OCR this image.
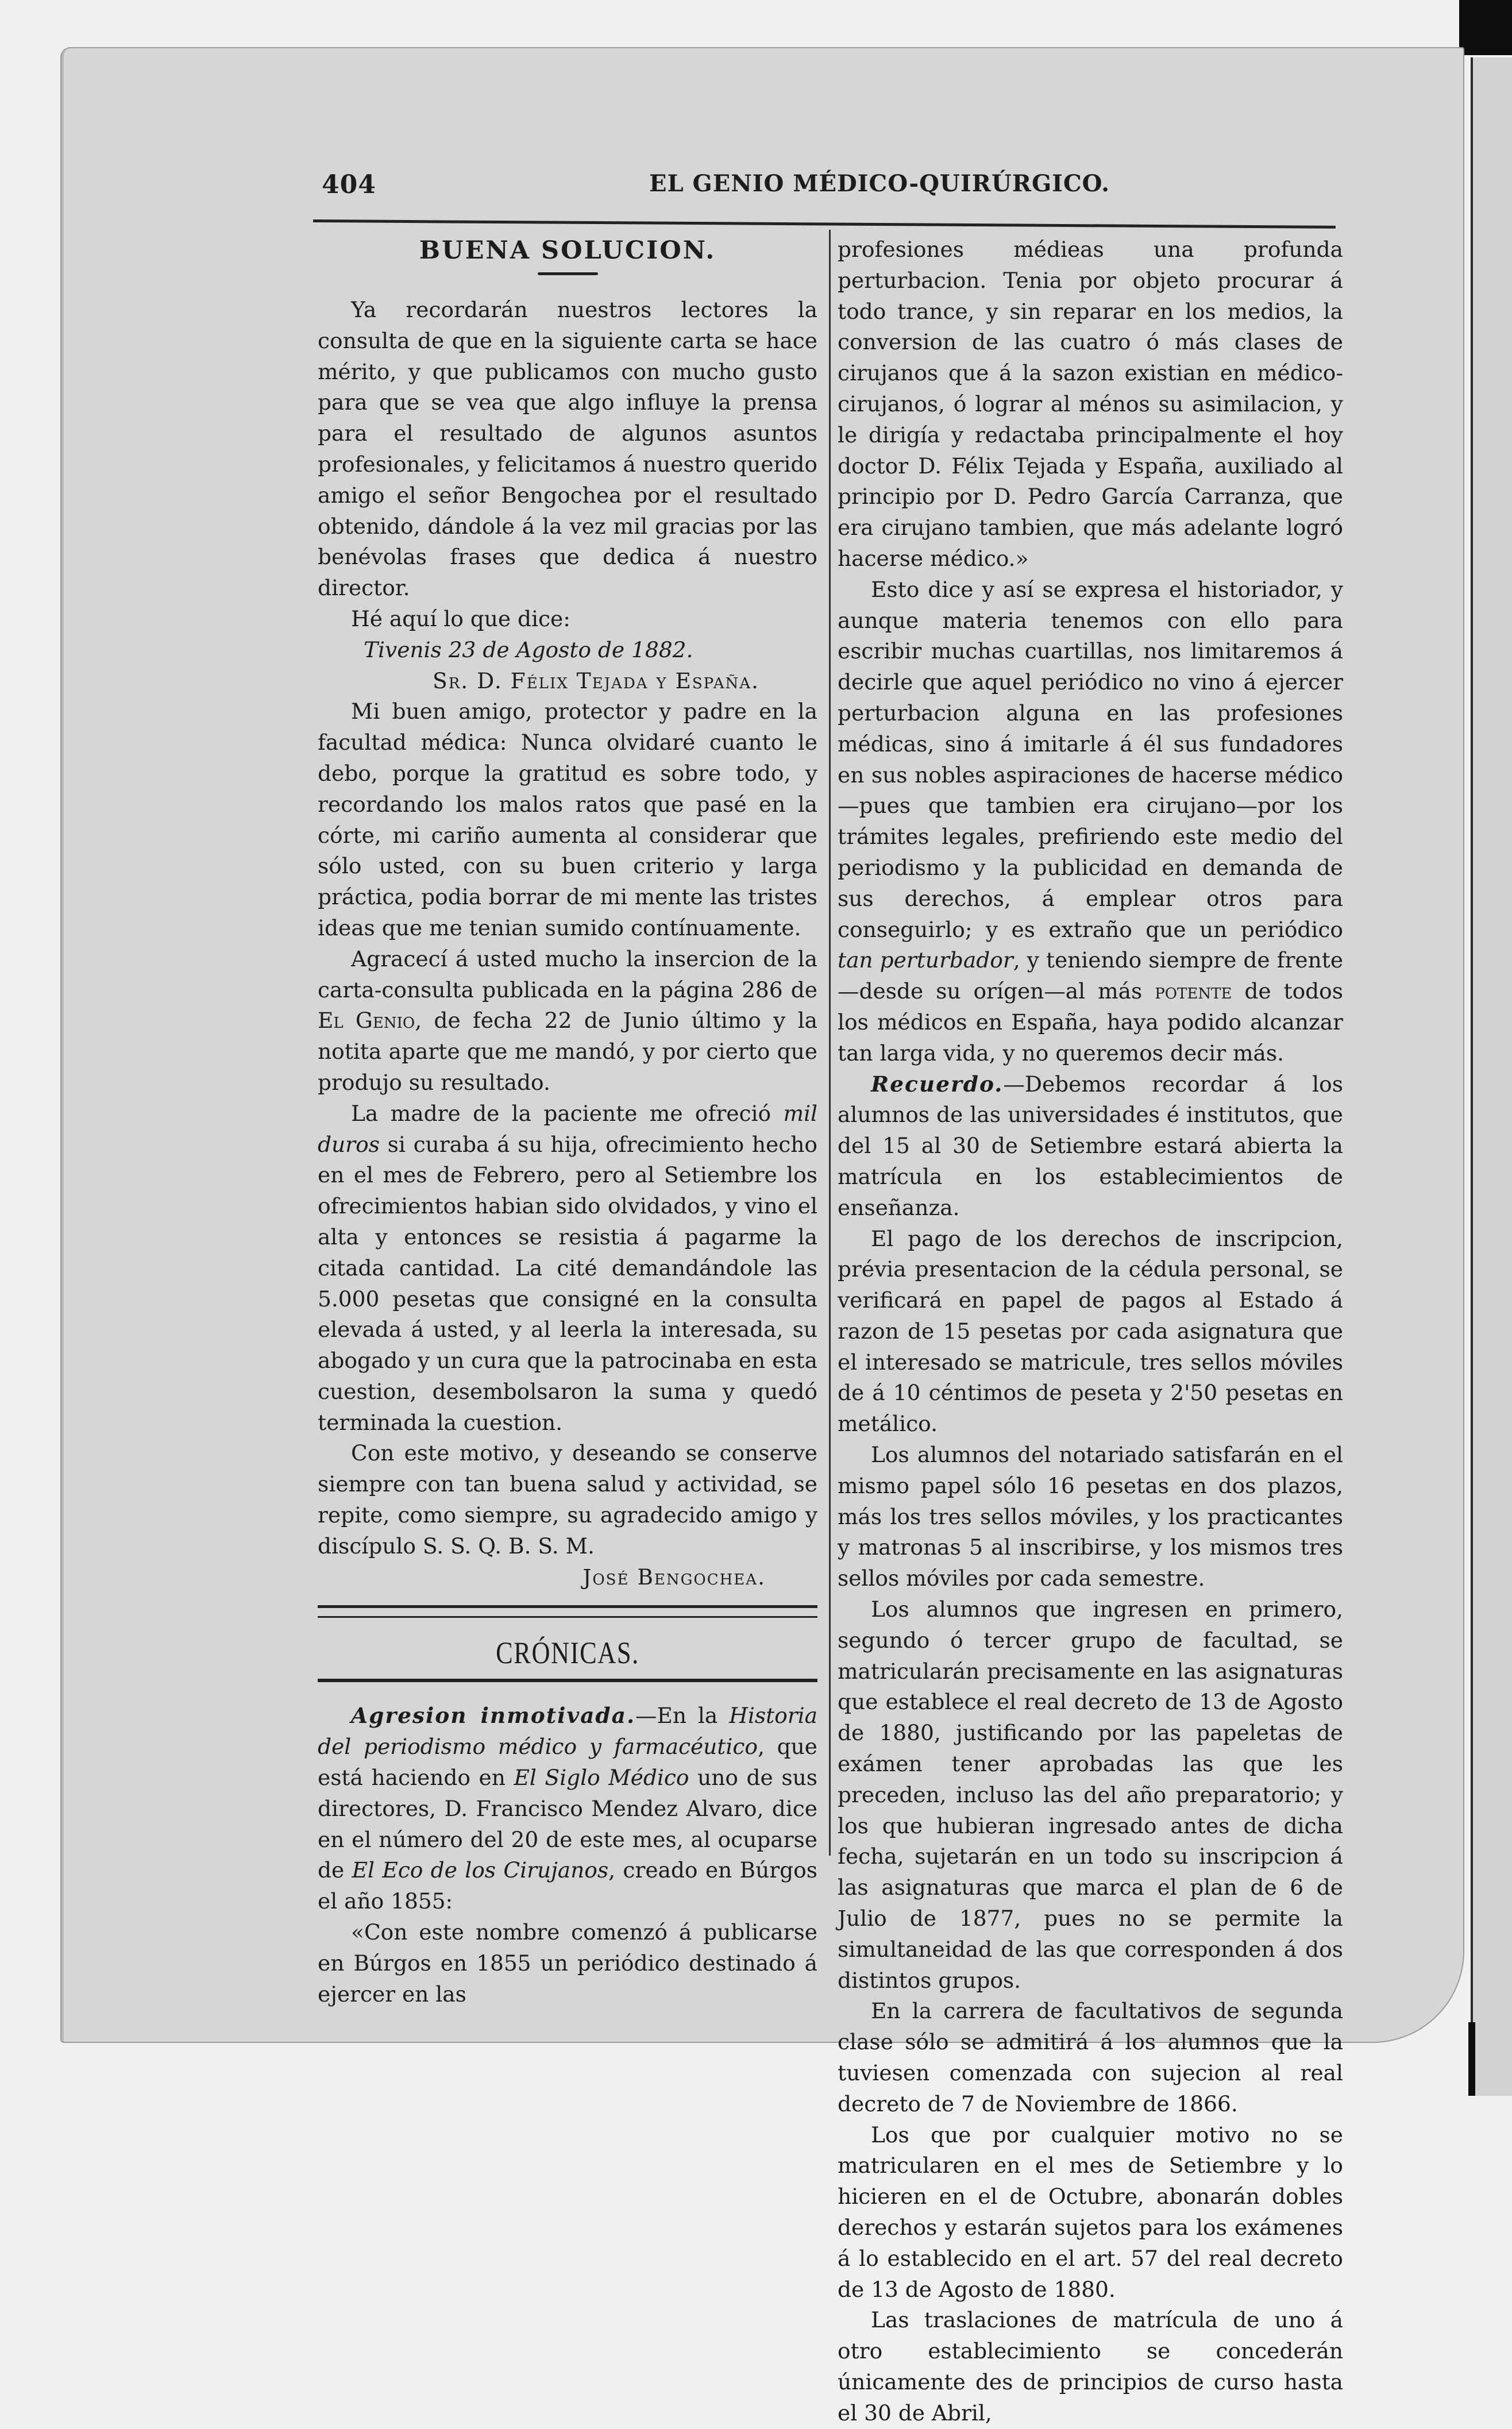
404	EL GENIO MÉDICO-QUIRÚRGICO.
BUENA SOLUCION.

Ya recordarán nuestros lectores la consulta de que en la siguiente carta se hace mérito, y que publicamos con mucho gusto para que se vea que algo influye la prensa para el resultado de algunos asuntos profesionales, y felicitamos á nuestro querido amigo el señor Bengochea por el resultado obtenido, dándole á la vez mil gracias por las benévolas frases que dedica á nuestro director.

Hé aquí lo que dice:

Tivenis 23 de Agosto de 1882.

Sr. D. Félix Tejada y España.

Mi buen amigo, protector y padre en la facultad médica: Nunca olvidaré cuanto le debo, porque la gratitud es sobre todo, y recordando los malos ratos que pasé en la córte, mi cariño aumenta al considerar que sólo usted, con su buen criterio y larga práctica, podia borrar de mi mente las tristes ideas que me tenian sumido contínuamente.

Agracecí á usted mucho la insercion de la carta-consulta publicada en la página 286 de El Genio, de fecha 22 de Junio último y la notita aparte que me mandó, y por cierto que produjo su resultado.

La madre de la paciente me ofreció mil duros si curaba á su hija, ofrecimiento hecho en el mes de Febrero, pero al Setiembre los ofrecimientos habian sido olvidados, y vino el alta y entonces se resistia á pagarme la citada cantidad. La cité demandándole las 5.000 pesetas que consigné en la consulta elevada á usted, y al leerla la interesada, su abogado y un cura que la patrocinaba en esta cuestion, desembolsaron la suma y quedó terminada la cuestion.

Con este motivo, y deseando se conserve siempre con tan buena salud y actividad, se repite, como siempre, su agradecido amigo y discípulo S. S. Q. B. S. M.

José Bengochea.

CRÓNICAS.

Agresion inmotivada.—En la Historia del periodismo médico y farmacéutico, que está haciendo en El Siglo Médico uno de sus directores, D. Francisco Mendez Alvaro, dice en el número del 20 de este mes, al ocuparse de El Eco de los Cirujanos, creado en Búrgos el año 1855:

«Con este nombre comenzó á publicarse en Búrgos en 1855 un periódico destinado á ejercer en las

profesiones médieas una profunda perturbacion. Tenia por objeto procurar á todo trance, y sin reparar en los medios, la conversion de las cuatro ó más clases de cirujanos que á la sazon existian en médico-cirujanos, ó lograr al ménos su asimilacion, y le dirigía y redactaba principalmente el hoy doctor D. Félix Tejada y España, auxiliado al principio por D. Pedro García Carranza, que era cirujano tambien, que más adelante logró hacerse médico.»

Esto dice y así se expresa el historiador, y aunque materia tenemos con ello para escribir muchas cuartillas, nos limitaremos á decirle que aquel periódico no vino á ejercer perturbacion alguna en las profesiones médicas, sino á imitarle á él sus fundadores en sus nobles aspiraciones de hacerse médico —pues que tambien era cirujano—por los trámites legales, prefiriendo este medio del periodismo y la publicidad en demanda de sus derechos, á emplear otros para conseguirlo; y es extraño que un periódico tan perturbador, y teniendo siempre de frente—desde su orígen—al más potente de todos los médicos en España, haya podido alcanzar tan larga vida, y no queremos decir más.

Recuerdo.—Debemos recordar á los alumnos de las universidades é institutos, que del 15 al 30 de Setiembre estará abierta la matrícula en los establecimientos de enseñanza.

El pago de los derechos de inscripcion, prévia presentacion de la cédula personal, se verificará en papel de pagos al Estado á razon de 15 pesetas por cada asignatura que el interesado se matricule, tres sellos móviles de á 10 céntimos de peseta y 2'50 pesetas en metálico.

Los alumnos del notariado satisfarán en el mismo papel sólo 16 pesetas en dos plazos, más los tres sellos móviles, y los practicantes y matronas 5 al inscribirse, y los mismos tres sellos móviles por cada semestre.

Los alumnos que ingresen en primero, segundo ó tercer grupo de facultad, se matricularán precisamente en las asignaturas que establece el real decreto de 13 de Agosto de 1880, justificando por las papeletas de exámen tener aprobadas las que les preceden, incluso las del año preparatorio; y los que hubieran ingresado antes de dicha fecha, sujetarán en un todo su inscripcion á las asignaturas que marca el plan de 6 de Julio de 1877, pues no se permite la simultaneidad de las que corresponden á dos distintos grupos.

En la carrera de facultativos de segunda clase sólo se admitirá á los alumnos que la tuviesen comenzada con sujecion al real decreto de 7 de Noviembre de 1866.

Los que por cualquier motivo no se matricularen en el mes de Setiembre y lo hicieren en el de Octubre, abonarán dobles derechos y estarán sujetos para los exámenes á lo establecido en el art. 57 del real decreto de 13 de Agosto de 1880.

Las traslaciones de matrícula de uno á otro establecimiento se concederán únicamente des de principios de curso hasta el 30 de Abril,
